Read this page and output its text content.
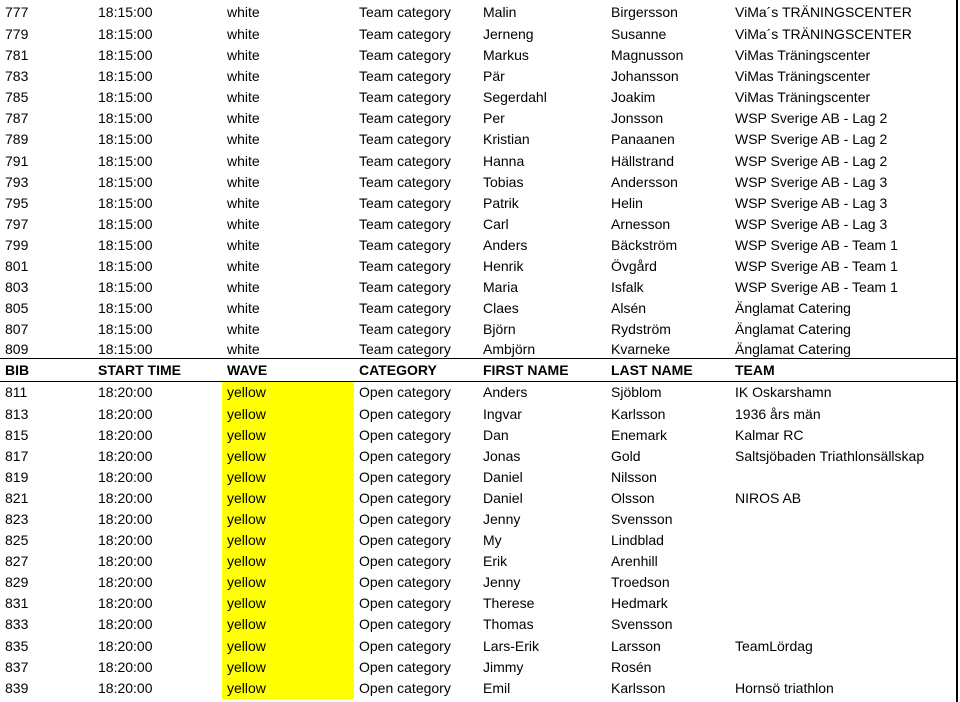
777	18:15:00	white	Team category	Malin	Birgersson	ViMa´s TRÄNINGSCENTER
779	18:15:00	white	Team category	Jerneng	Susanne	ViMa´s TRÄNINGSCENTER
781	18:15:00	white	Team category	Markus	Magnusson	ViMas Träningscenter
783	18:15:00	white	Team category	Pär	Johansson	ViMas Träningscenter
785	18:15:00	white	Team category	Segerdahl	Joakim	ViMas Träningscenter
787	18:15:00	white	Team category	Per	Jonsson	WSP Sverige AB - Lag 2
789	18:15:00	white	Team category	Kristian	Panaanen	WSP Sverige AB - Lag 2
791	18:15:00	white	Team category	Hanna	Hällstrand	WSP Sverige AB - Lag 2
793	18:15:00	white	Team category	Tobias	Andersson	WSP Sverige AB - Lag 3
795	18:15:00	white	Team category	Patrik	Helin	WSP Sverige AB - Lag 3
797	18:15:00	white	Team category	Carl	Arnesson	WSP Sverige AB - Lag 3
799	18:15:00	white	Team category	Anders	Bäckström	WSP Sverige AB - Team 1
801	18:15:00	white	Team category	Henrik	Övgård	WSP Sverige AB - Team 1
803	18:15:00	white	Team category	Maria	Isfalk	WSP Sverige AB - Team 1
805	18:15:00	white	Team category	Claes	Alsén	Änglamat Catering
807	18:15:00	white	Team category	Björn	Rydström	Änglamat Catering
809	18:15:00	white	Team category	Ambjörn	Kvarneke	Änglamat Catering
BIB	START TIME	WAVE	CATEGORY	FIRST NAME	LAST NAME	TEAM
811	18:20:00	yellow	Open category	Anders	Sjöblom	IK Oskarshamn
813	18:20:00	yellow	Open category	Ingvar	Karlsson	1936 års män
815	18:20:00	yellow	Open category	Dan	Enemark	Kalmar RC
817	18:20:00	yellow	Open category	Jonas	Gold	Saltsjöbaden Triathlonsällskap
819	18:20:00	yellow	Open category	Daniel	Nilsson	
821	18:20:00	yellow	Open category	Daniel	Olsson	NIROS AB
823	18:20:00	yellow	Open category	Jenny	Svensson	
825	18:20:00	yellow	Open category	My	Lindblad	
827	18:20:00	yellow	Open category	Erik	Arenhill	
829	18:20:00	yellow	Open category	Jenny	Troedson	
831	18:20:00	yellow	Open category	Therese	Hedmark	
833	18:20:00	yellow	Open category	Thomas	Svensson	
835	18:20:00	yellow	Open category	Lars-Erik	Larsson	TeamLördag
837	18:20:00	yellow	Open category	Jimmy	Rosén	
839	18:20:00	yellow	Open category	Emil	Karlsson	Hornsö triathlon
